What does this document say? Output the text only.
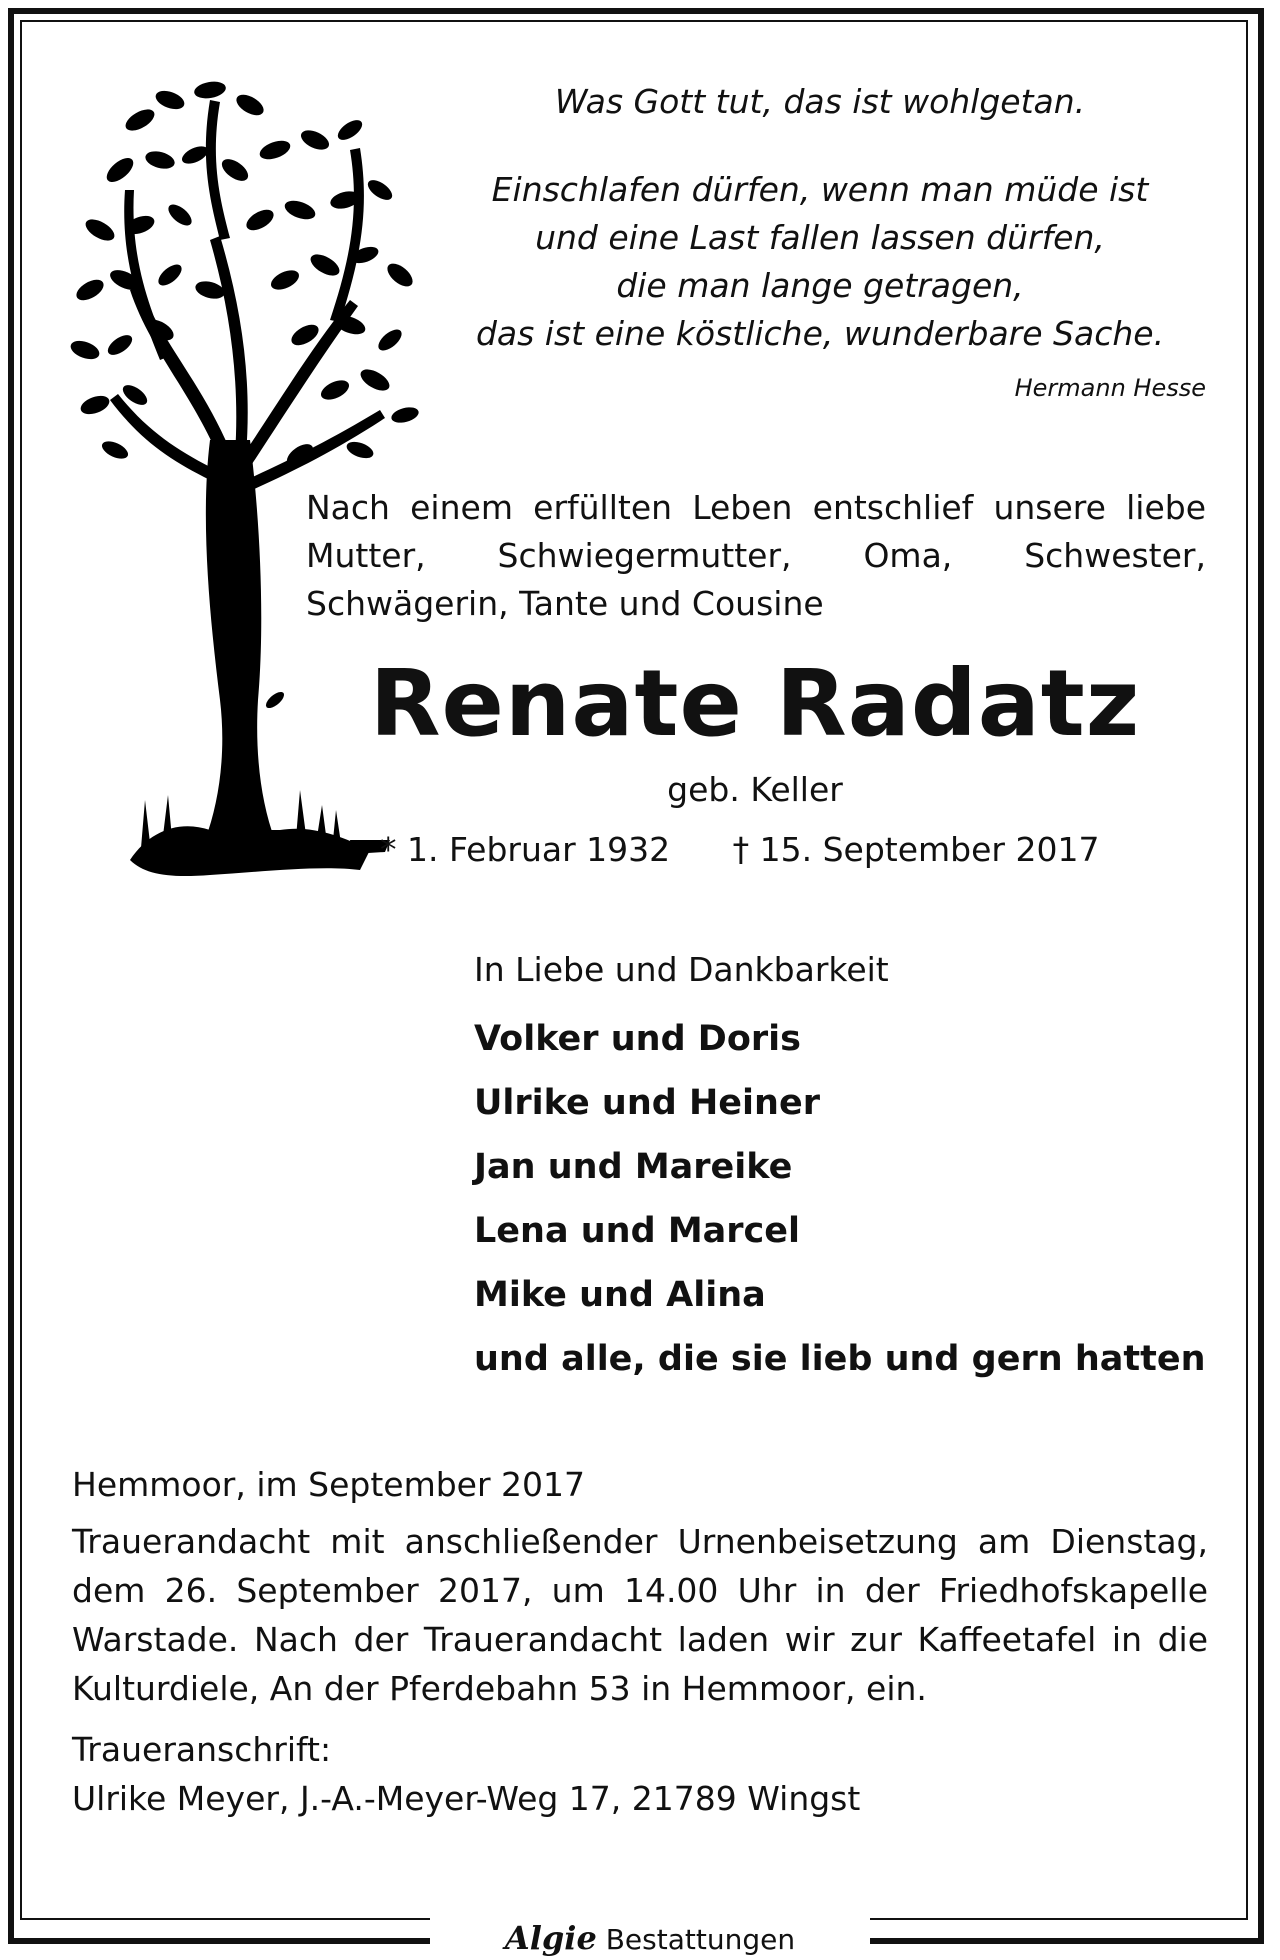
Was Gott tut, das ist wohlgetan.

Einschlafen dürfen, wenn man müde ist

und eine Last fallen lassen dürfen,

die man lange getragen,

das ist eine köstliche, wunderbare Sache.

Hermann Hesse
Nach einem erfüllten Leben entschlief unsere liebe Mutter, Schwiegermutter, Oma, Schwester, Schwägerin, Tante und Cousine
Renate Radatz
geb. Keller
* 1. Februar 1932 † 15. September 2017
In Liebe und Dankbarkeit
Volker und Doris
Ulrike und Heiner
Jan und Mareike
Lena und Marcel
Mike und Alina
und alle, die sie lieb und gern hatten

Hemmoor, im September 2017

Trauerandacht mit anschließender Urnenbeisetzung am Dienstag, dem 26. September 2017, um 14.00 Uhr in der Friedhofskapelle Warstade. Nach der Trauerandacht laden wir zur Kaffeetafel in die Kulturdiele, An der Pferdebahn 53 in Hemmoor, ein.

Traueranschrift:

Ulrike Meyer, J.-A.-Meyer-Weg 17, 21789 Wingst

Algie Bestattungen
